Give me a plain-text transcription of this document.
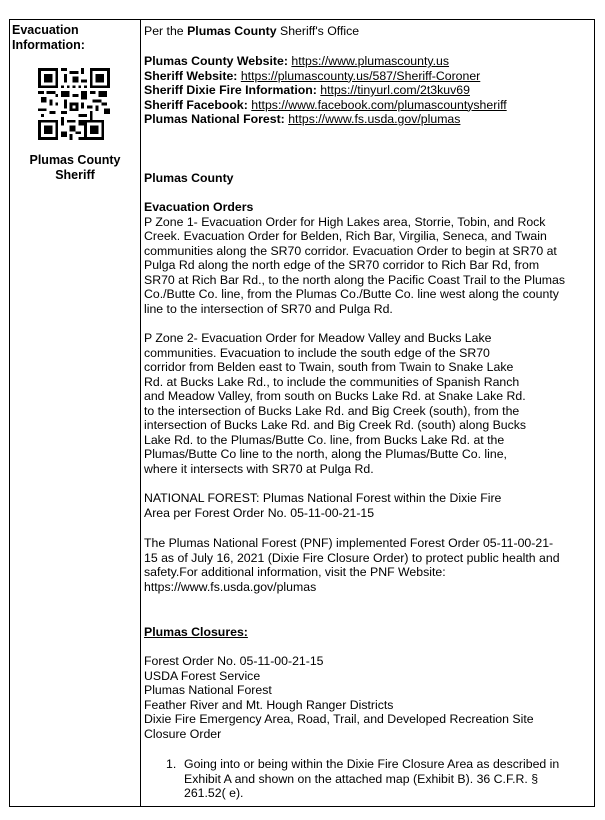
Evacuation
Information:
Plumas County
Sheriff
Per the Plumas County Sheriff's Office
Plumas County Website: https://www.plumascounty.us
Sheriff Website: https://plumascounty.us/587/Sheriff-Coroner
Sheriff Dixie Fire Information: https://tinyurl.com/2t3kuv69
Sheriff Facebook: https://www.facebook.com/plumascountysheriff
Plumas National Forest: https://www.fs.usda.gov/plumas
Plumas County
Evacuation Orders
P Zone 1- Evacuation Order for High Lakes area, Storrie, Tobin, and Rock
Creek. Evacuation Order for Belden, Rich Bar, Virgilia, Seneca, and Twain
communities along the SR70 corridor. Evacuation Order to begin at SR70 at
Pulga Rd along the north edge of the SR70 corridor to Rich Bar Rd, from
SR70 at Rich Bar Rd., to the north along the Pacific Coast Trail to the Plumas
Co./Butte Co. line, from the Plumas Co./Butte Co. line west along the county
line to the intersection of SR70 and Pulga Rd.
P Zone 2- Evacuation Order for Meadow Valley and Bucks Lake
communities. Evacuation to include the south edge of the SR70
corridor from Belden east to Twain, south from Twain to Snake Lake
Rd. at Bucks Lake Rd., to include the communities of Spanish Ranch
and Meadow Valley, from south on Bucks Lake Rd. at Snake Lake Rd.
to the intersection of Bucks Lake Rd. and Big Creek (south), from the
intersection of Bucks Lake Rd. and Big Creek Rd. (south) along Bucks
Lake Rd. to the Plumas/Butte Co. line, from Bucks Lake Rd. at the
Plumas/Butte Co line to the north, along the Plumas/Butte Co. line,
where it intersects with SR70 at Pulga Rd.
NATIONAL FOREST: Plumas National Forest within the Dixie Fire
Area per Forest Order No. 05-11-00-21-15
The Plumas National Forest (PNF) implemented Forest Order 05-11-00-21-
15 as of July 16, 2021 (Dixie Fire Closure Order) to protect public health and
safety.For additional information, visit the PNF Website:
https://www.fs.usda.gov/plumas
Plumas Closures:
Forest Order No. 05-11-00-21-15
USDA Forest Service
Plumas National Forest
Feather River and Mt. Hough Ranger Districts
Dixie Fire Emergency Area, Road, Trail, and Developed Recreation Site
Closure Order
1. Going into or being within the Dixie Fire Closure Area as described in
Exhibit A and shown on the attached map (Exhibit B). 36 C.F.R. §
261.52( e).
